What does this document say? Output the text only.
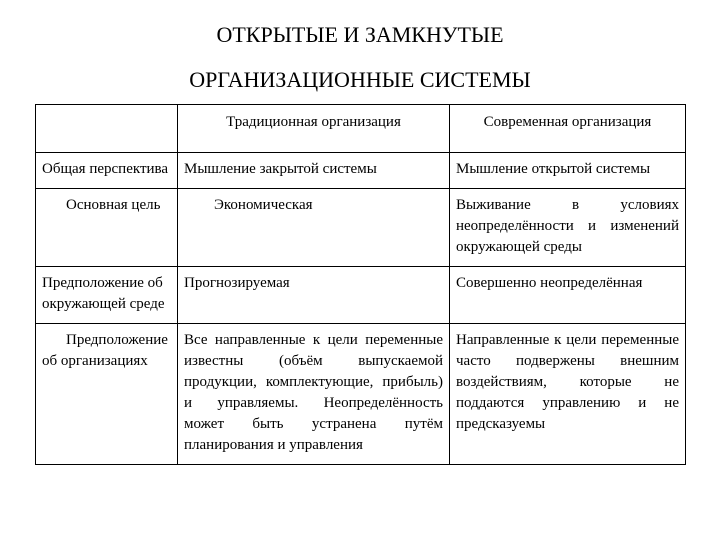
ОТКРЫТЫЕ И ЗАМКНУТЫЕ
ОРГАНИЗАЦИОННЫЕ СИСТЕМЫ
	Традиционная организация	Современная организация
Общая перспектива	Мышление закрытой системы	Мышление открытой системы
Основная цель	Экономическая	Выживание в условиях неопределённости и изменений окружающей среды
Предположение об окружающей среде	Прогнозируемая	Совершенно неопределённая
Предположение об организациях	Все направленные к цели переменные известны (объём выпускаемой продукции, комплектующие, прибыль) и управляемы. Неопределённость может быть устранена путём планирования и управления	Направленные к цели переменные часто подвержены внешним воздействиям, которые не поддаются управлению и не предсказуемы
